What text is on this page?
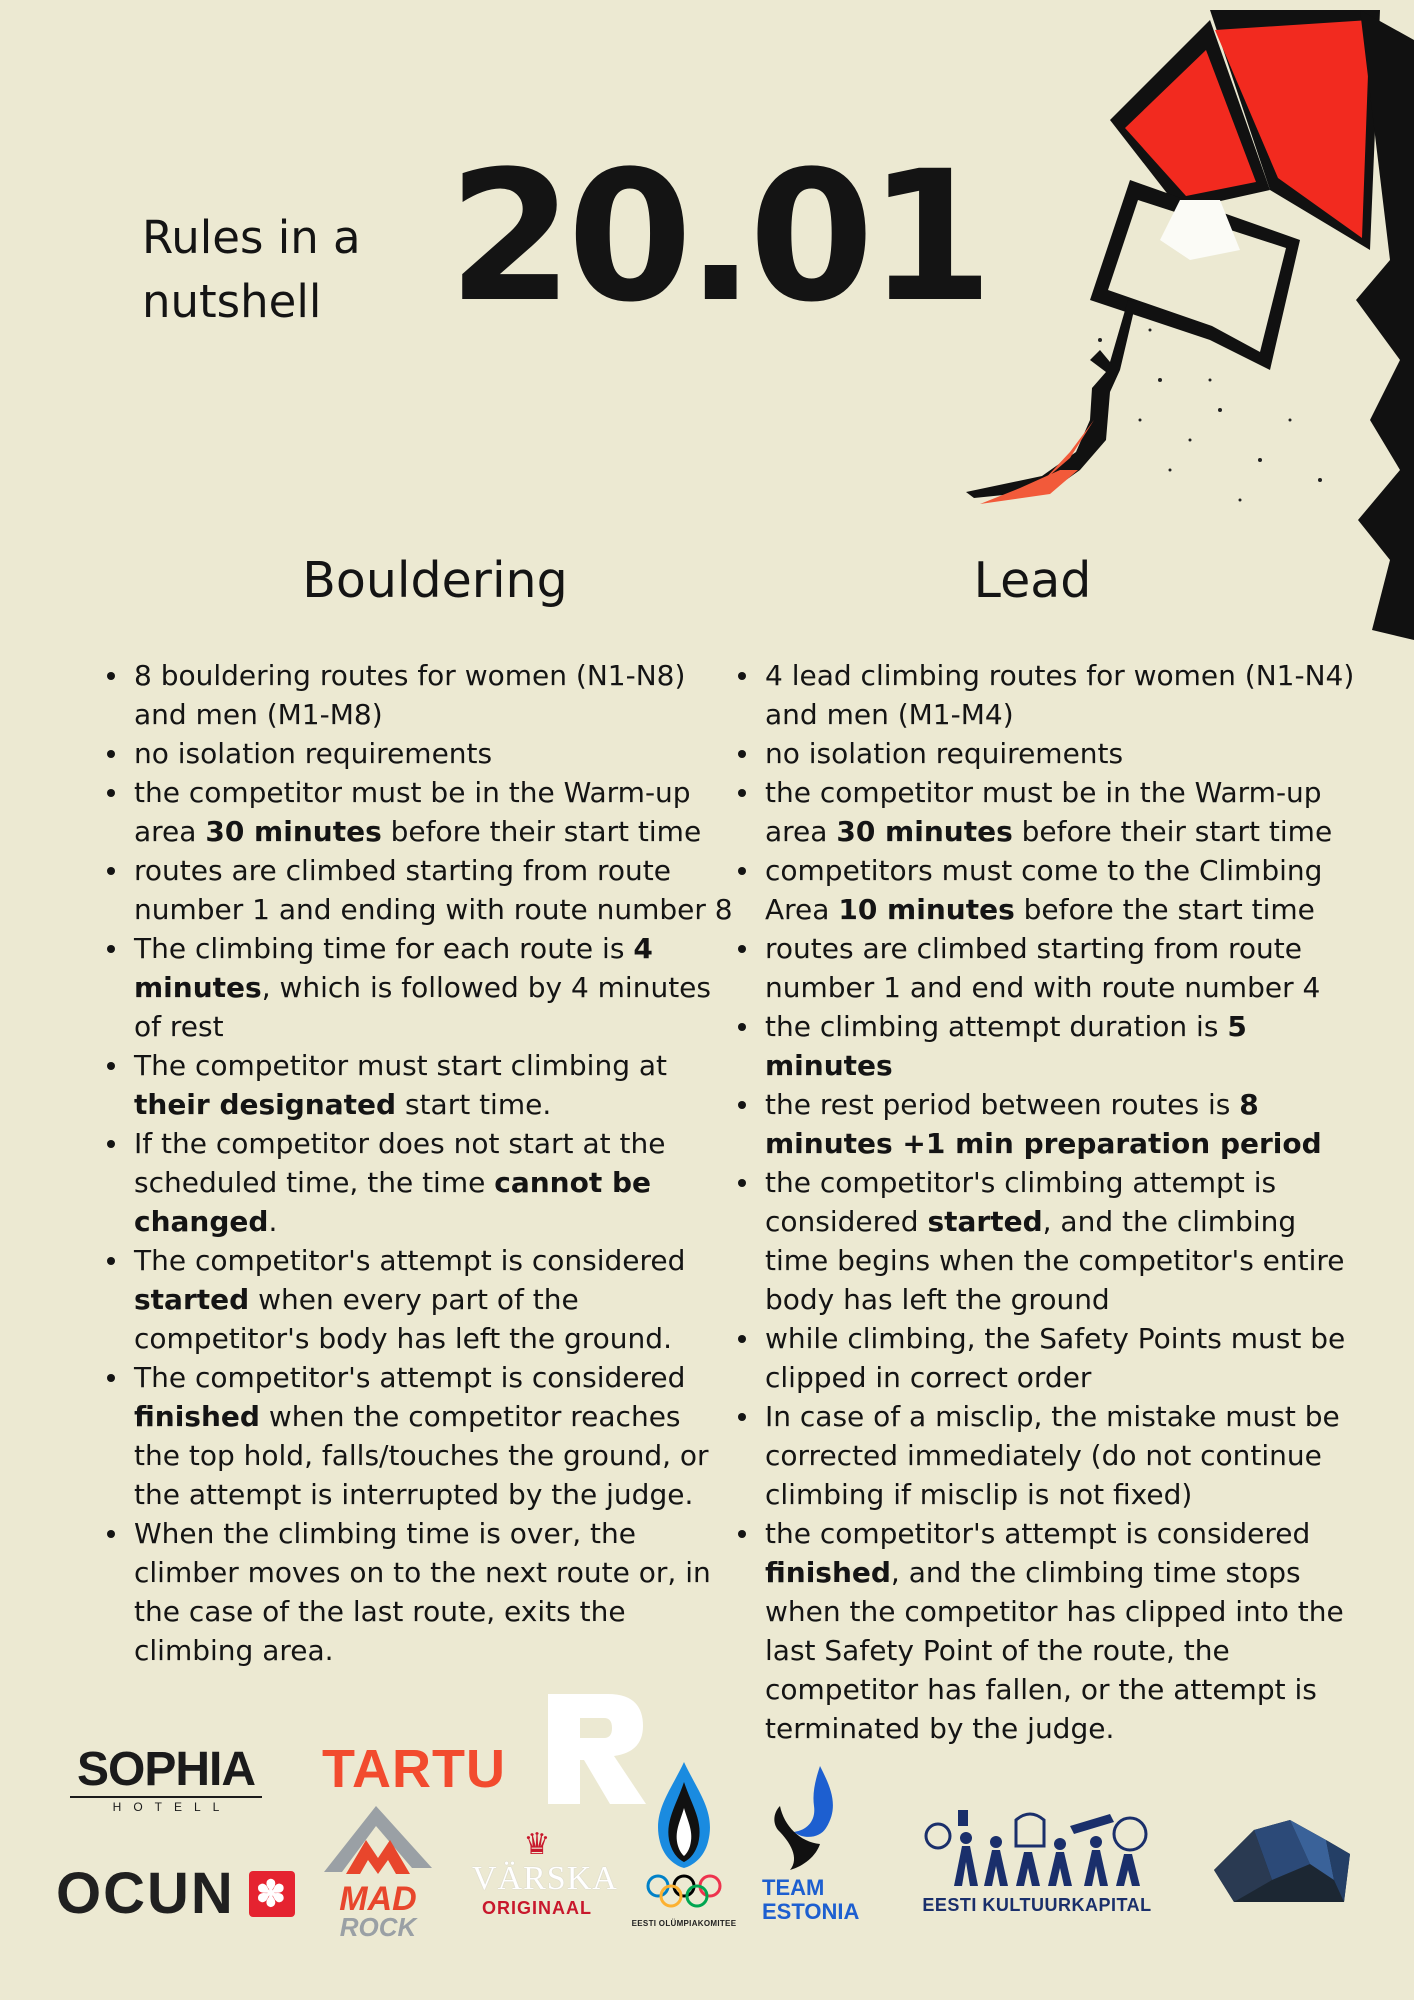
Rules in a
nutshell 20.01
Bouldering	Lead
8 bouldering routes for women (N1-N8) and men (M1-M8)
no isolation requirements
the competitor must be in the Warm-up area 30 minutes before their start time
routes are climbed starting from route number 1 and ending with route number 8
The climbing time for each route is 4 minutes, which is followed by 4 minutes of rest
The competitor must start climbing at their designated start time.
If the competitor does not start at the scheduled time, the time cannot be changed.
The competitor's attempt is considered started when every part of the competitor's body has left the ground.
The competitor's attempt is considered finished when the competitor reaches the top hold, falls/touches the ground, or the attempt is interrupted by the judge.
When the climbing time is over, the climber moves on to the next route or, in the case of the last route, exits the climbing area.
4 lead climbing routes for women (N1-N4) and men (M1-M4)
no isolation requirements
the competitor must be in the Warm-up area 30 minutes before their start time
competitors must come to the Climbing Area 10 minutes before the start time
routes are climbed starting from route number 1 and end with route number 4
the climbing attempt duration is 5 minutes
the rest period between routes is 8 minutes +1 min preparation period
the competitor's climbing attempt is considered started, and the climbing time begins when the competitor's entire body has left the ground
while climbing, the Safety Points must be clipped in correct order
In case of a misclip, the mistake must be corrected immediately (do not continue climbing if misclip is not fixed)
the competitor's attempt is considered finished, and the climbing time stops when the competitor has clipped into the last Safety Point of the route, the competitor has fallen, or the attempt is terminated by the judge.
SOPHIA
HOTELL
TARTU
OCUN ✽ MAD
ROCK
♛
VÄRSKA
ORIGINAAL
EESTI OLÜMPIAKOMITEE
TEAM
ESTONIA	EESTI KULTUURKAPITAL
